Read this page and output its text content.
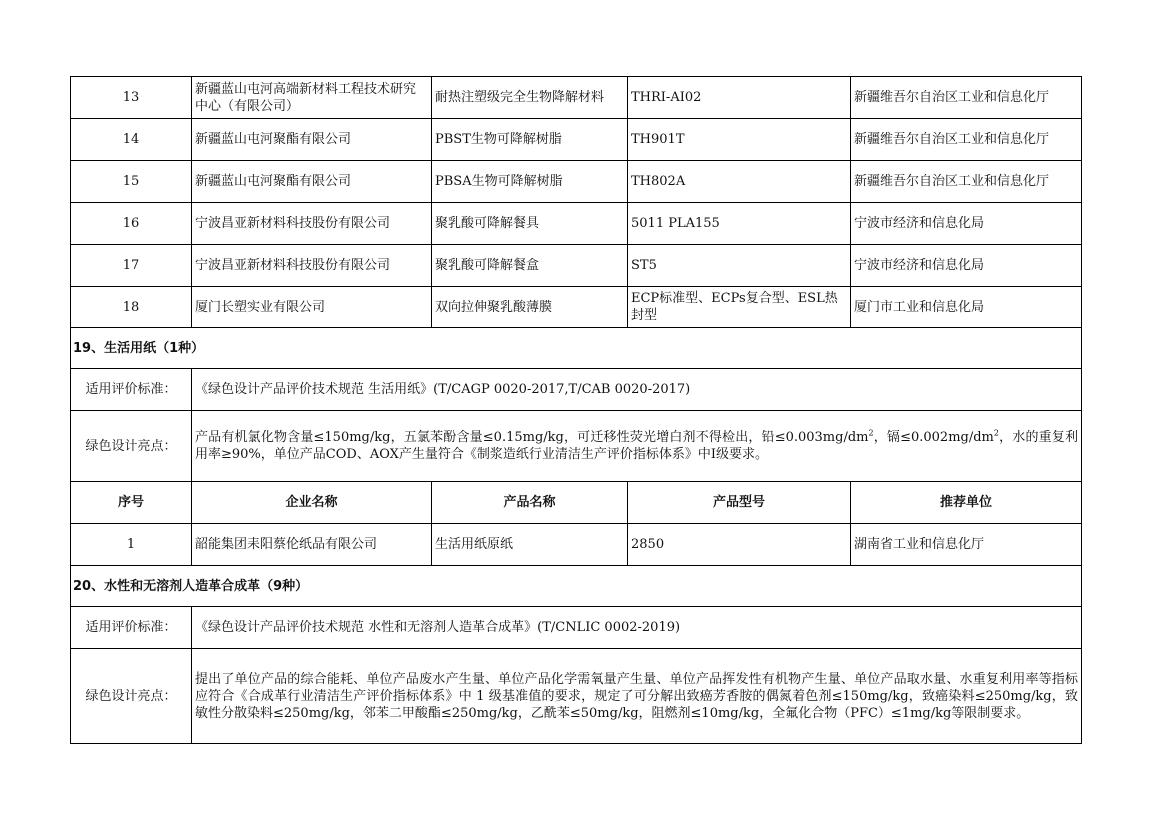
13	新疆蓝山屯河高端新材料工程技术研究中心（有限公司）	耐热注塑级完全生物降解材料	THRI-AI02	新疆维吾尔自治区工业和信息化厅
14	新疆蓝山屯河聚酯有限公司	PBST生物可降解树脂	TH901T	新疆维吾尔自治区工业和信息化厅
15	新疆蓝山屯河聚酯有限公司	PBSA生物可降解树脂	TH802A	新疆维吾尔自治区工业和信息化厅
16	宁波昌亚新材料科技股份有限公司	聚乳酸可降解餐具	5011 PLA155	宁波市经济和信息化局
17	宁波昌亚新材料科技股份有限公司	聚乳酸可降解餐盒	ST5	宁波市经济和信息化局
18	厦门长塑实业有限公司	双向拉伸聚乳酸薄膜	ECP标准型、ECPs复合型、ESL热封型	厦门市工业和信息化局
19、生活用纸（1种）				
适用评价标准：	《绿色设计产品评价技术规范 生活用纸》(T/CAGP 0020-2017,T/CAB 0020-2017)			
绿色设计亮点：	产品有机氯化物含量≤150mg/kg，五氯苯酚含量≤0.15mg/kg，可迁移性荧光增白剂不得检出，铅$\le 0.003mg/dm^2$，镉$\le 0.002mg/dm^2$，水的重复利用率≥90%，单位产品COD、AOX产生量符合《制浆造纸行业清洁生产评价指标体系》中I级要求。			
序号	企业名称	产品名称	产品型号	推荐单位
1	韶能集团耒阳蔡伦纸品有限公司	生活用纸原纸	2850	湖南省工业和信息化厅
20、水性和无溶剂人造革合成革（9种）				
适用评价标准：	《绿色设计产品评价技术规范 水性和无溶剂人造革合成革》(T/CNLIC 0002-2019)			
绿色设计亮点：	提出了单位产品的综合能耗、单位产品废水产生量、单位产品化学需氧量产生量、单位产品挥发性有机物产生量、单位产品取水量、水重复利用率等指标应符合《合成革行业清洁生产评价指标体系》中 1 级基准值的要求，规定了可分解出致癌芳香胺的偶氮着色剂≤150mg/kg，致癌染料≤250mg/kg，致敏性分散染料≤250mg/kg，邻苯二甲酸酯≤250mg/kg，乙酰苯≤50mg/kg，阻燃剂≤10mg/kg，全氟化合物（PFC）≤1mg/kg等限制要求。			
